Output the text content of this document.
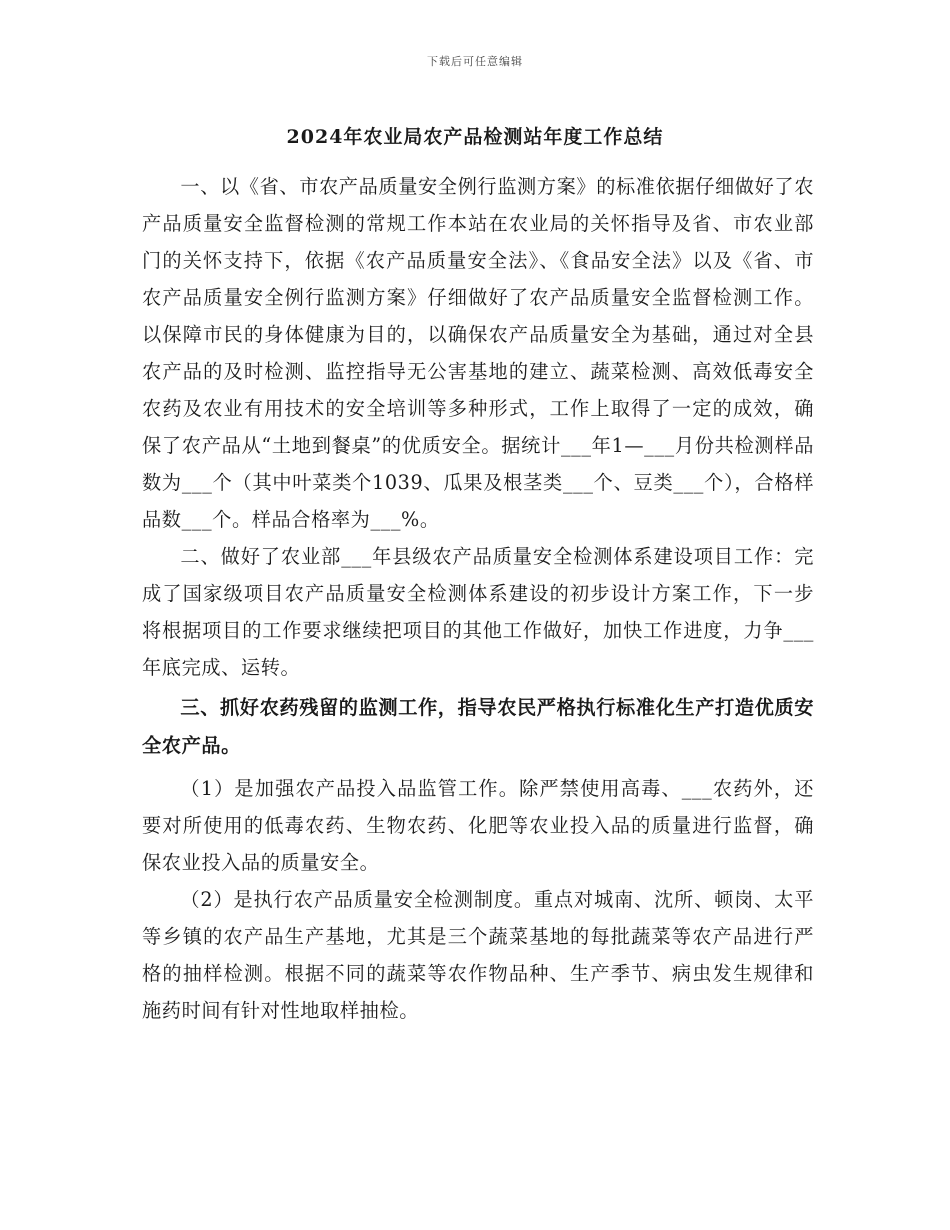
下载后可任意编辑
2024年农业局农产品检测站年度工作总结

一、以《省、市农产品质量安全例行监测方案》的标准依据仔细做好了农产品质量安全监督检测的常规工作本站在农业局的关怀指导及省、市农业部门的关怀支持下，依据《农产品质量安全法》、《食品安全法》以及《省、市农产品质量安全例行监测方案》仔细做好了农产品质量安全监督检测工作。以保障市民的身体健康为目的，以确保农产品质量安全为基础，通过对全县农产品的及时检测、监控指导无公害基地的建立、蔬菜检测、高效低毒安全农药及农业有用技术的安全培训等多种形式，工作上取得了一定的成效，确保了农产品从“土地到餐桌”的优质安全。据统计___年1—___月份共检测样品数为___个（其中叶菜类个1039、瓜果及根茎类___个、豆类___个），合格样品数___个。样品合格率为___%。

二、做好了农业部___年县级农产品质量安全检测体系建设项目工作：完成了国家级项目农产品质量安全检测体系建设的初步设计方案工作，下一步将根据项目的工作要求继续把项目的其他工作做好，加快工作进度，力争___年底完成、运转。

三、抓好农药残留的监测工作，指导农民严格执行标准化生产打造优质安全农产品。

（1）是加强农产品投入品监管工作。除严禁使用高毒、___农药外，还要对所使用的低毒农药、生物农药、化肥等农业投入品的质量进行监督，确保农业投入品的质量安全。

（2）是执行农产品质量安全检测制度。重点对城南、沈所、顿岗、太平等乡镇的农产品生产基地，尤其是三个蔬菜基地的每批蔬菜等农产品进行严格的抽样检测。根据不同的蔬菜等农作物品种、生产季节、病虫发生规律和施药时间有针对性地取样抽检。
